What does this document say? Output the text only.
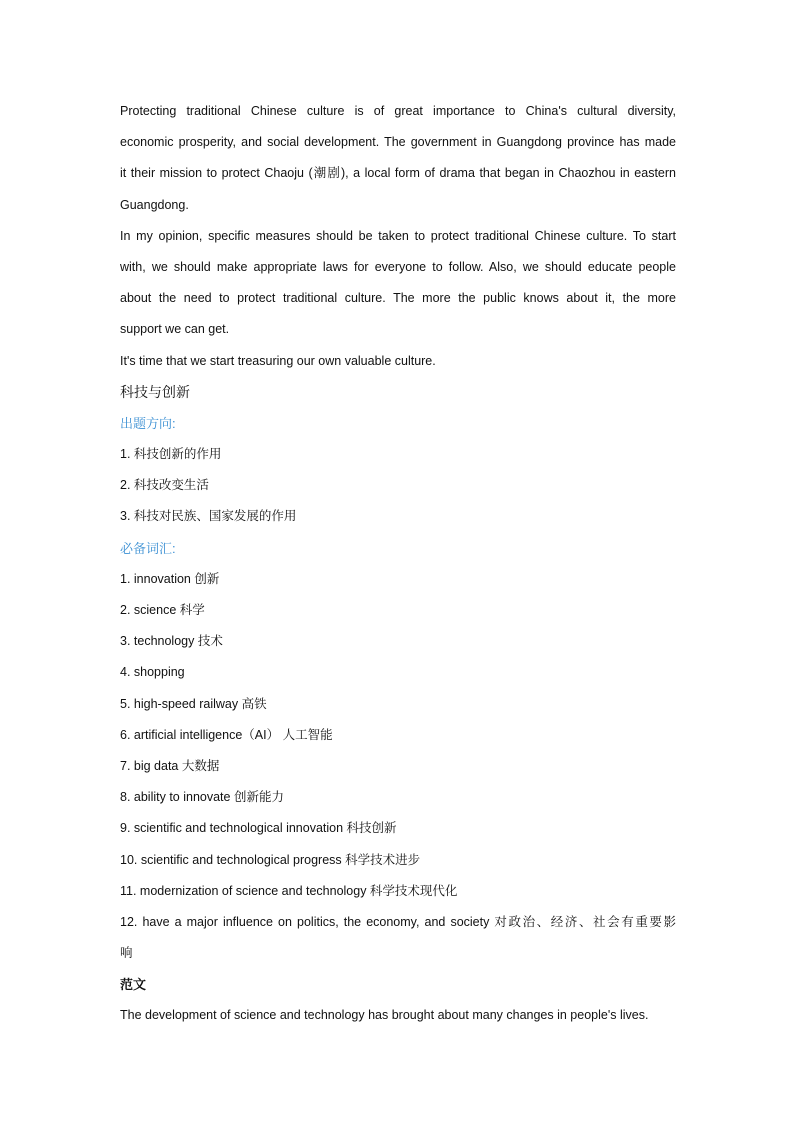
Protecting traditional Chinese culture is of great importance to China's cultural diversity,
economic prosperity, and social development. The government in Guangdong province has made
it their mission to protect Chaoju (潮剧), a local form of drama that began in Chaozhou in eastern
Guangdong.
In my opinion, specific measures should be taken to protect traditional Chinese culture. To start
with, we should make appropriate laws for everyone to follow. Also, we should educate people
about the need to protect traditional culture. The more the public knows about it, the more
support we can get.
It's time that we start treasuring our own valuable culture.
科技与创新
出题方向:
1. 科技创新的作用
2. 科技改变生活
3. 科技对民族、国家发展的作用
必备词汇:
1. innovation 创新
2. science 科学
3. technology 技术
4. shopping
5. high-speed railway 高铁
6. artificial intelligence（AI） 人工智能
7. big data 大数据
8. ability to innovate 创新能力
9. scientific and technological innovation 科技创新
10. scientific and technological progress 科学技术进步
11. modernization of science and technology 科学技术现代化
12. have a major influence on politics, the economy, and society 对政治、经济、社会有重要影
响
范文
The development of science and technology has brought about many changes in people's lives.
